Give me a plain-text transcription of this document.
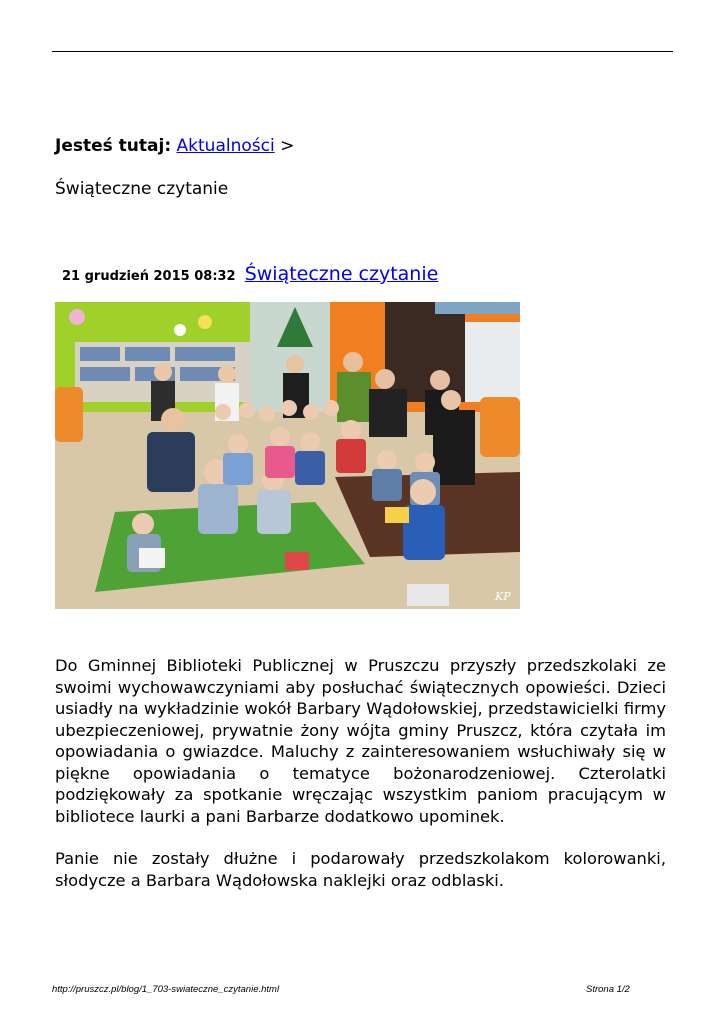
Jesteś tutaj: Aktualności >
Świąteczne czytanie
21 grudzień 2015 08:32 Świąteczne czytanie
KP

Do Gminnej Biblioteki Publicznej w Pruszczu przyszły przedszkolaki ze swoimi wychowawczyniami aby posłuchać świątecznych opowieści. Dzieci usiadły na wykładzinie wokół Barbary Wądołowskiej, przedstawicielki firmy ubezpieczeniowej, prywatnie żony wójta gminy Pruszcz, która czytała im opowiadania o gwiazdce. Maluchy z zainteresowaniem wsłuchiwały się w piękne opowiadania o tematyce bożonarodzeniowej. Czterolatki podziękowały za spotkanie wręczając wszystkim paniom pracującym w bibliotece laurki a pani Barbarze dodatkowo upominek.

Panie nie zostały dłużne i podarowały przedszkolakom kolorowanki, słodycze a Barbara Wądołowska naklejki oraz odblaski.

http://pruszcz.pl/blog/1_703-swiateczne_czytanie.html	Strona 1/2
